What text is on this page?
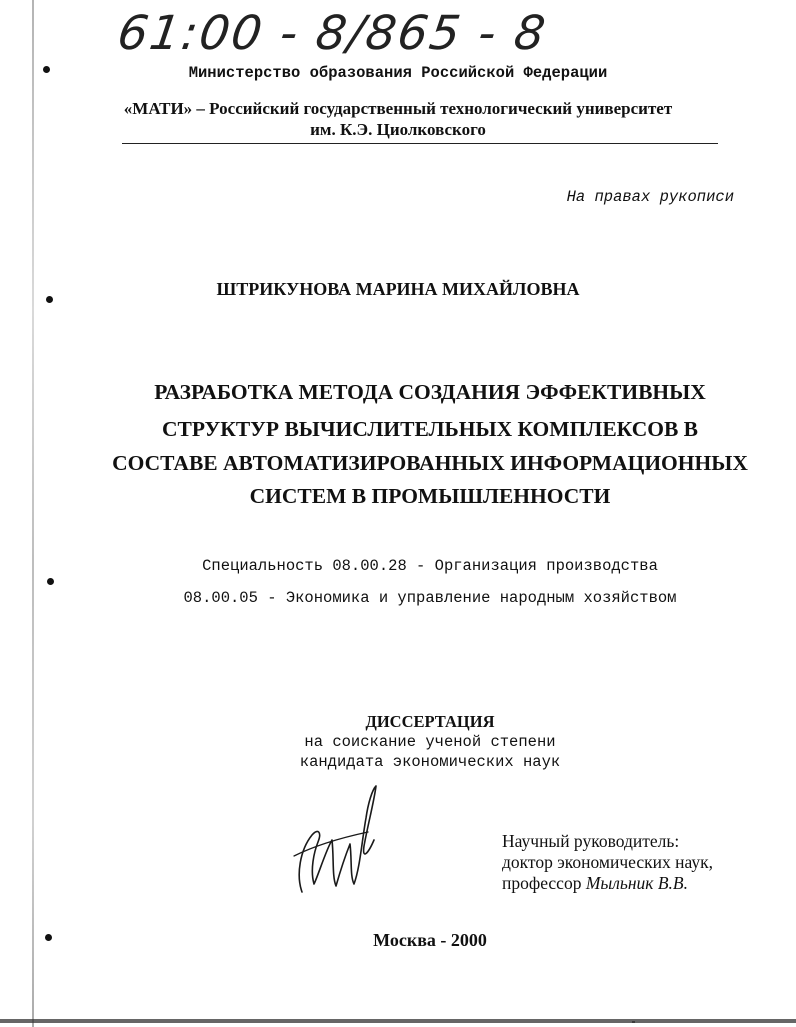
61:00 - 8/865 - 8
Министерство образования Российской Федерации
«МАТИ» – Российский государственный технологический университет
им. К.Э. Циолковского
На правах рукописи
ШТРИКУНОВА МАРИНА МИХАЙЛОВНА
РАЗРАБОТКА МЕТОДА СОЗДАНИЯ ЭФФЕКТИВНЫХ
СТРУКТУР ВЫЧИСЛИТЕЛЬНЫХ КОМПЛЕКСОВ В
СОСТАВЕ АВТОМАТИЗИРОВАННЫХ ИНФОРМАЦИОННЫХ
СИСТЕМ В ПРОМЫШЛЕННОСТИ
Специальность 08.00.28 - Организация производства
08.00.05 - Экономика и управление народным хозяйством
ДИССЕРТАЦИЯ
на соискание ученой степени
кандидата экономических наук
Научный руководитель:
доктор экономических наук,
профессор Мыльник В.В.
Москва - 2000
